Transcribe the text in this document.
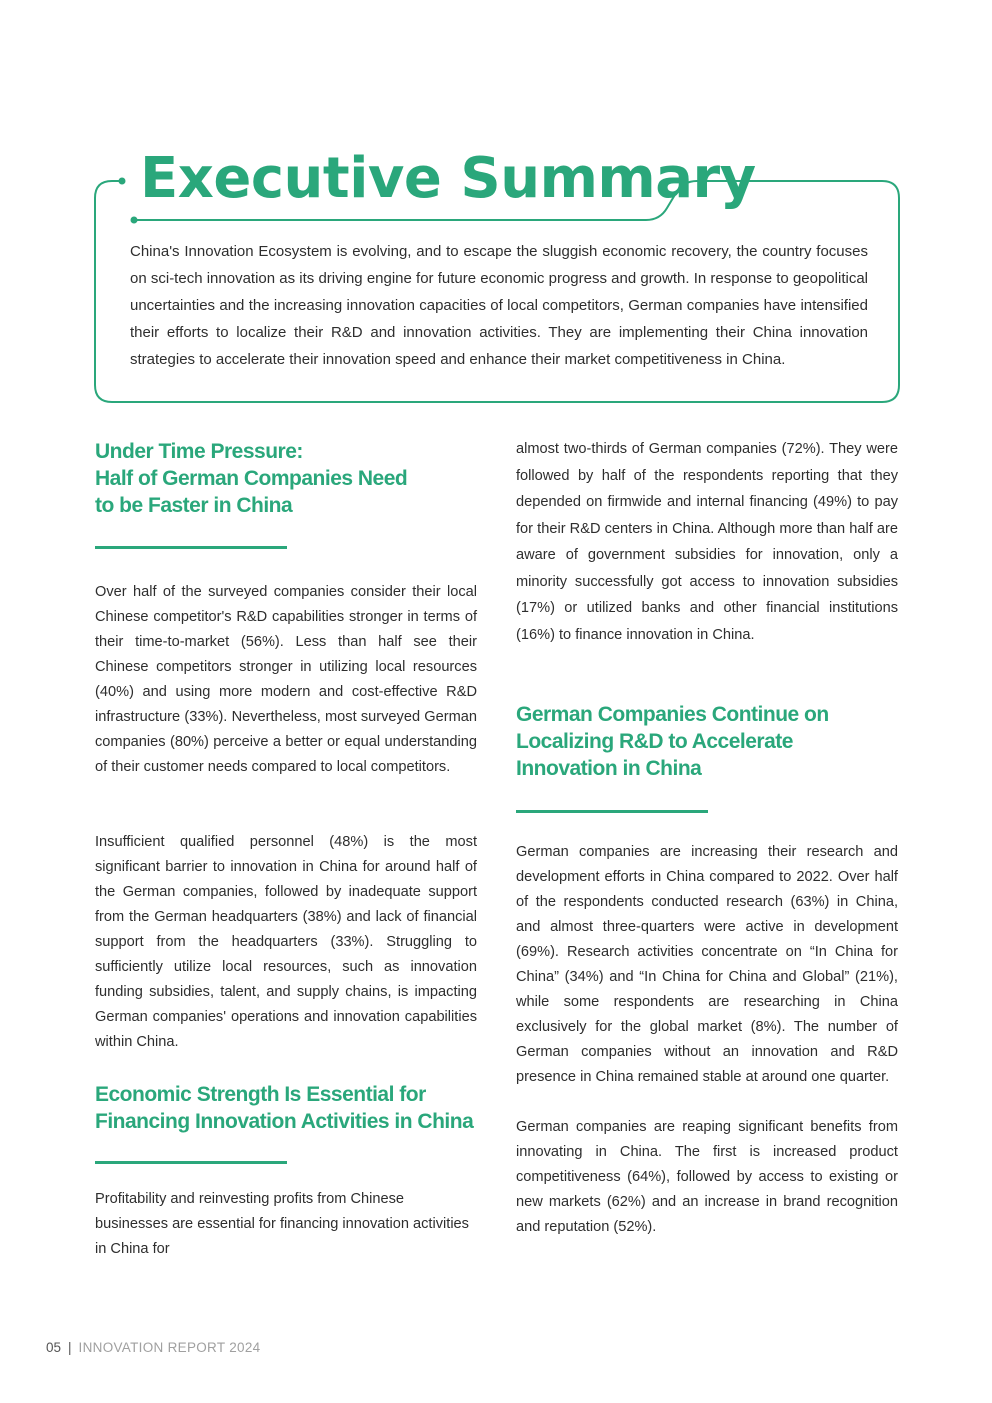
Executive Summary

China's Innovation Ecosystem is evolving, and to escape the sluggish economic recovery, the country focuses on sci-tech innovation as its driving engine for future economic progress and growth. In response to geopolitical uncertainties and the increasing innovation capacities of local competitors, German companies have intensified their efforts to localize their R&D and innovation activities. They are implementing their China innovation strategies to accelerate their innovation speed and enhance their market competitiveness in China.

Under Time Pressure:
Half of German Companies Need
to be Faster in China

Over half of the surveyed companies consider their local Chinese competitor's R&D capabilities stronger in terms of their time-to-market (56%). Less than half see their Chinese competitors stronger in utilizing local resources (40%) and using more modern and cost-effective R&D infrastructure (33%). Nevertheless, most surveyed German companies (80%) perceive a better or equal understanding of their customer needs compared to local competitors.

Insufficient qualified personnel (48%) is the most significant barrier to innovation in China for around half of the German companies, followed by inadequate support from the German headquarters (38%) and lack of financial support from the headquarters (33%). Struggling to sufficiently utilize local resources, such as innovation funding subsidies, talent, and supply chains, is impacting German companies' operations and innovation capabilities within China.

Economic Strength Is Essential for
Financing Innovation Activities in China

Profitability and reinvesting profits from Chinese businesses are essential for financing innovation activities in China for

almost two-thirds of German companies (72%). They were followed by half of the respondents reporting that they depended on firmwide and internal financing (49%) to pay for their R&D centers in China. Although more than half are aware of government subsidies for innovation, only a minority successfully got access to innovation subsidies (17%) or utilized banks and other financial institutions (16%) to finance innovation in China.

German Companies Continue on
Localizing R&D to Accelerate
Innovation in China

German companies are increasing their research and development efforts in China compared to 2022. Over half of the respondents conducted research (63%) in China, and almost three-quarters were active in development (69%). Research activities concentrate on “In China for China” (34%) and “In China for China and Global” (21%), while some respondents are researching in China exclusively for the global market (8%). The number of German companies without an innovation and R&D presence in China remained stable at around one quarter.

German companies are reaping significant benefits from innovating in China. The first is increased product competitiveness (64%), followed by access to existing or new markets (62%) and an increase in brand recognition and reputation (52%).

05 | INNOVATION REPORT 2024
